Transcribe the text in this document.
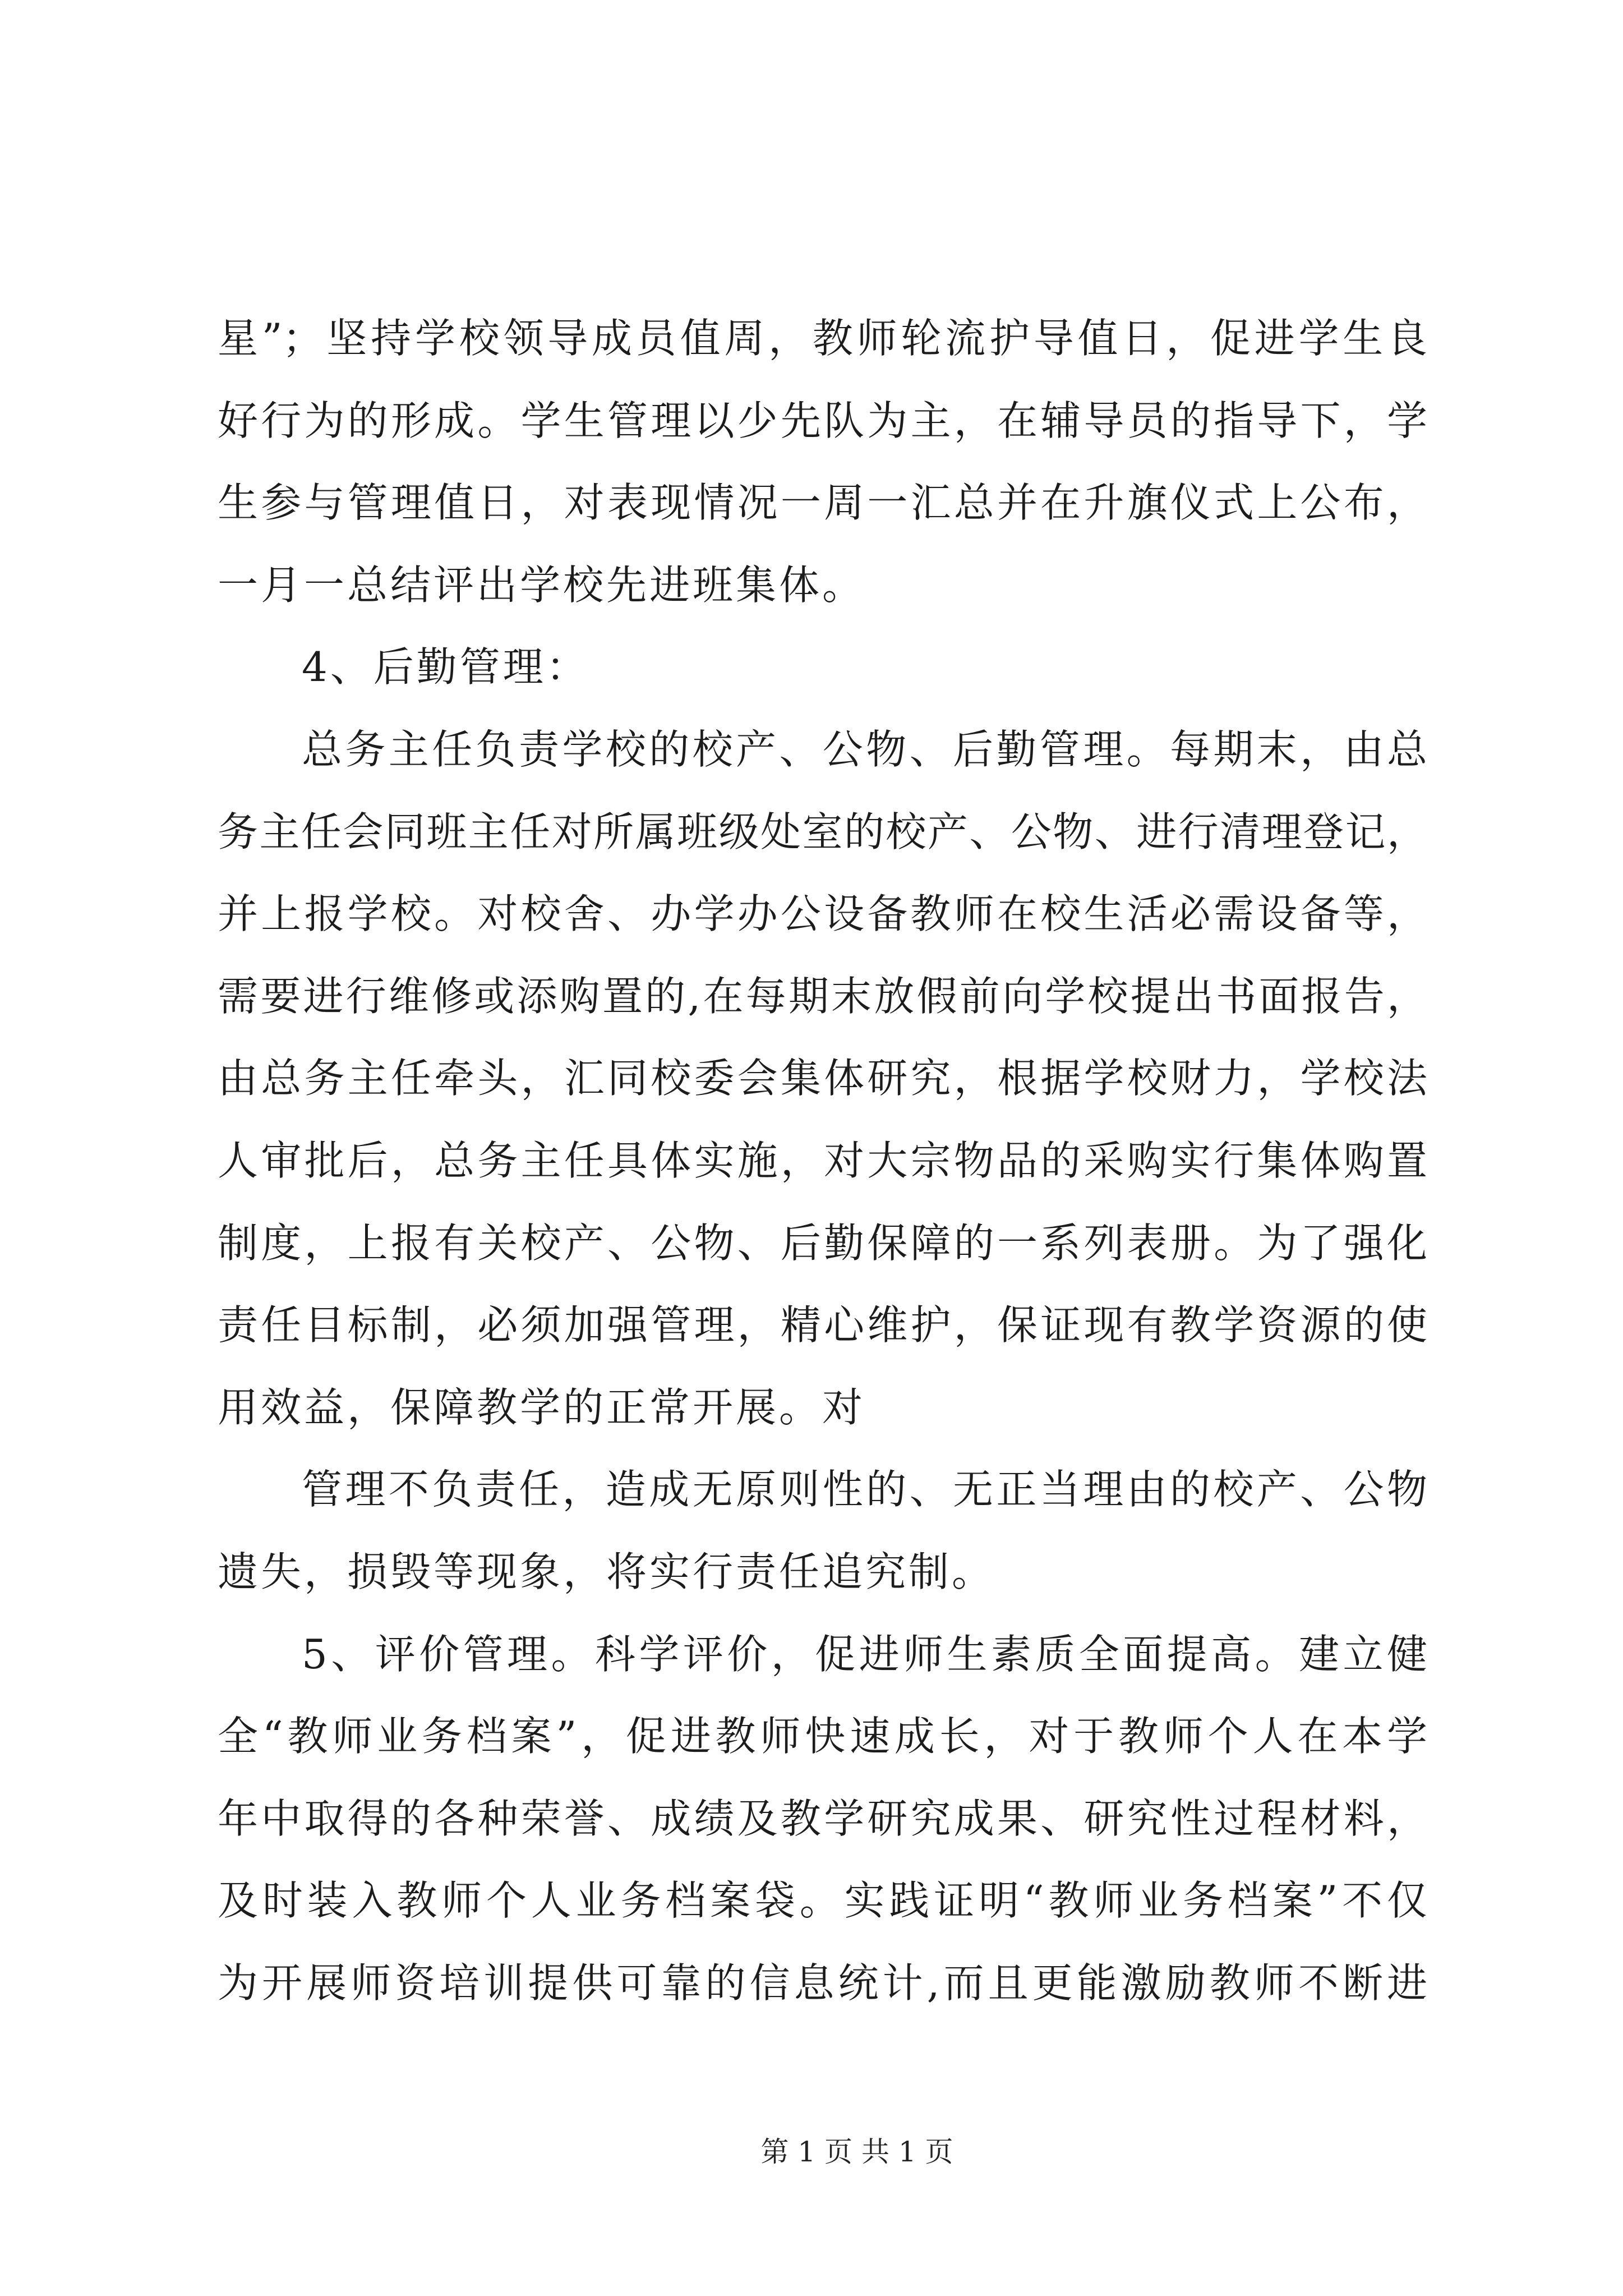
星”；坚持学校领导成员值周，教师轮流护导值日，促进学生良
好行为的形成。学生管理以少先队为主，在辅导员的指导下，学
生参与管理值日，对表现情况一周一汇总并在升旗仪式上公布，
一月一总结评出学校先进班集体。
4、后勤管理：
总务主任负责学校的校产、公物、后勤管理。每期末，由总
务主任会同班主任对所属班级处室的校产、公物、进行清理登记，
并上报学校。对校舍、办学办公设备教师在校生活必需设备等，
需要进行维修或添购置的,在每期末放假前向学校提出书面报告，
由总务主任牵头，汇同校委会集体研究，根据学校财力，学校法
人审批后，总务主任具体实施，对大宗物品的采购实行集体购置
制度，上报有关校产、公物、后勤保障的一系列表册。为了强化
责任目标制，必须加强管理，精心维护，保证现有教学资源的使
用效益，保障教学的正常开展。对
管理不负责任，造成无原则性的、无正当理由的校产、公物
遗失，损毁等现象，将实行责任追究制。
5、评价管理。科学评价，促进师生素质全面提高。建立健
全“教师业务档案”，促进教师快速成长，对于教师个人在本学
年中取得的各种荣誉、成绩及教学研究成果、研究性过程材料，
及时装入教师个人业务档案袋。实践证明“教师业务档案”不仅
为开展师资培训提供可靠的信息统计,而且更能激励教师不断进
第 1 页 共 1 页
